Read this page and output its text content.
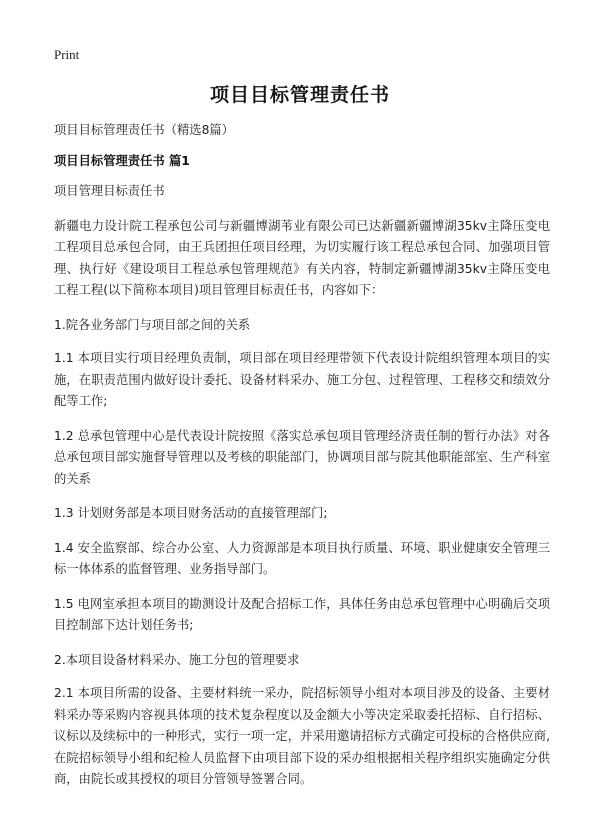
Print
项目目标管理责任书

项目目标管理责任书（精选8篇）

项目目标管理责任书 篇1

项目管理目标责任书

新疆电力设计院工程承包公司与新疆博湖苇业有限公司已达新疆新疆博湖35kv主降压变电工程项目总承包合同，由王兵团担任项目经理，为切实履行该工程总承包合同、加强项目管理、执行好《建设项目工程总承包管理规范》有关内容，特制定新疆博湖35kv主降压变电工程工程(以下简称本项目)项目管理目标责任书，内容如下：

1.院各业务部门与项目部之间的关系

1.1 本项目实行项目经理负责制，项目部在项目经理带领下代表设计院组织管理本项目的实施，在职责范围内做好设计委托、设备材料采办、施工分包、过程管理、工程移交和绩效分配等工作;

1.2 总承包管理中心是代表设计院按照《落实总承包项目管理经济责任制的暂行办法》对各总承包项目部实施督导管理以及考核的职能部门，协调项目部与院其他职能部室、生产科室的关系

1.3 计划财务部是本项目财务活动的直接管理部门;

1.4 安全监察部、综合办公室、人力资源部是本项目执行质量、环境、职业健康安全管理三标一体体系的监督管理、业务指导部门。

1.5 电网室承担本项目的勘测设计及配合招标工作，具体任务由总承包管理中心明确后交项目控制部下达计划任务书;

2.本项目设备材料采办、施工分包的管理要求

2.1 本项目所需的设备、主要材料统一采办，院招标领导小组对本项目涉及的设备、主要材料采办等采购内容视具体项的技术复杂程度以及金额大小等决定采取委托招标、自行招标、议标以及续标中的一种形式，实行一项一定，并采用邀请招标方式确定可投标的合格供应商,在院招标领导小组和纪检人员监督下由项目部下设的采办组根据相关程序组织实施确定分供商，由院长或其授权的项目分管领导签署合同。
